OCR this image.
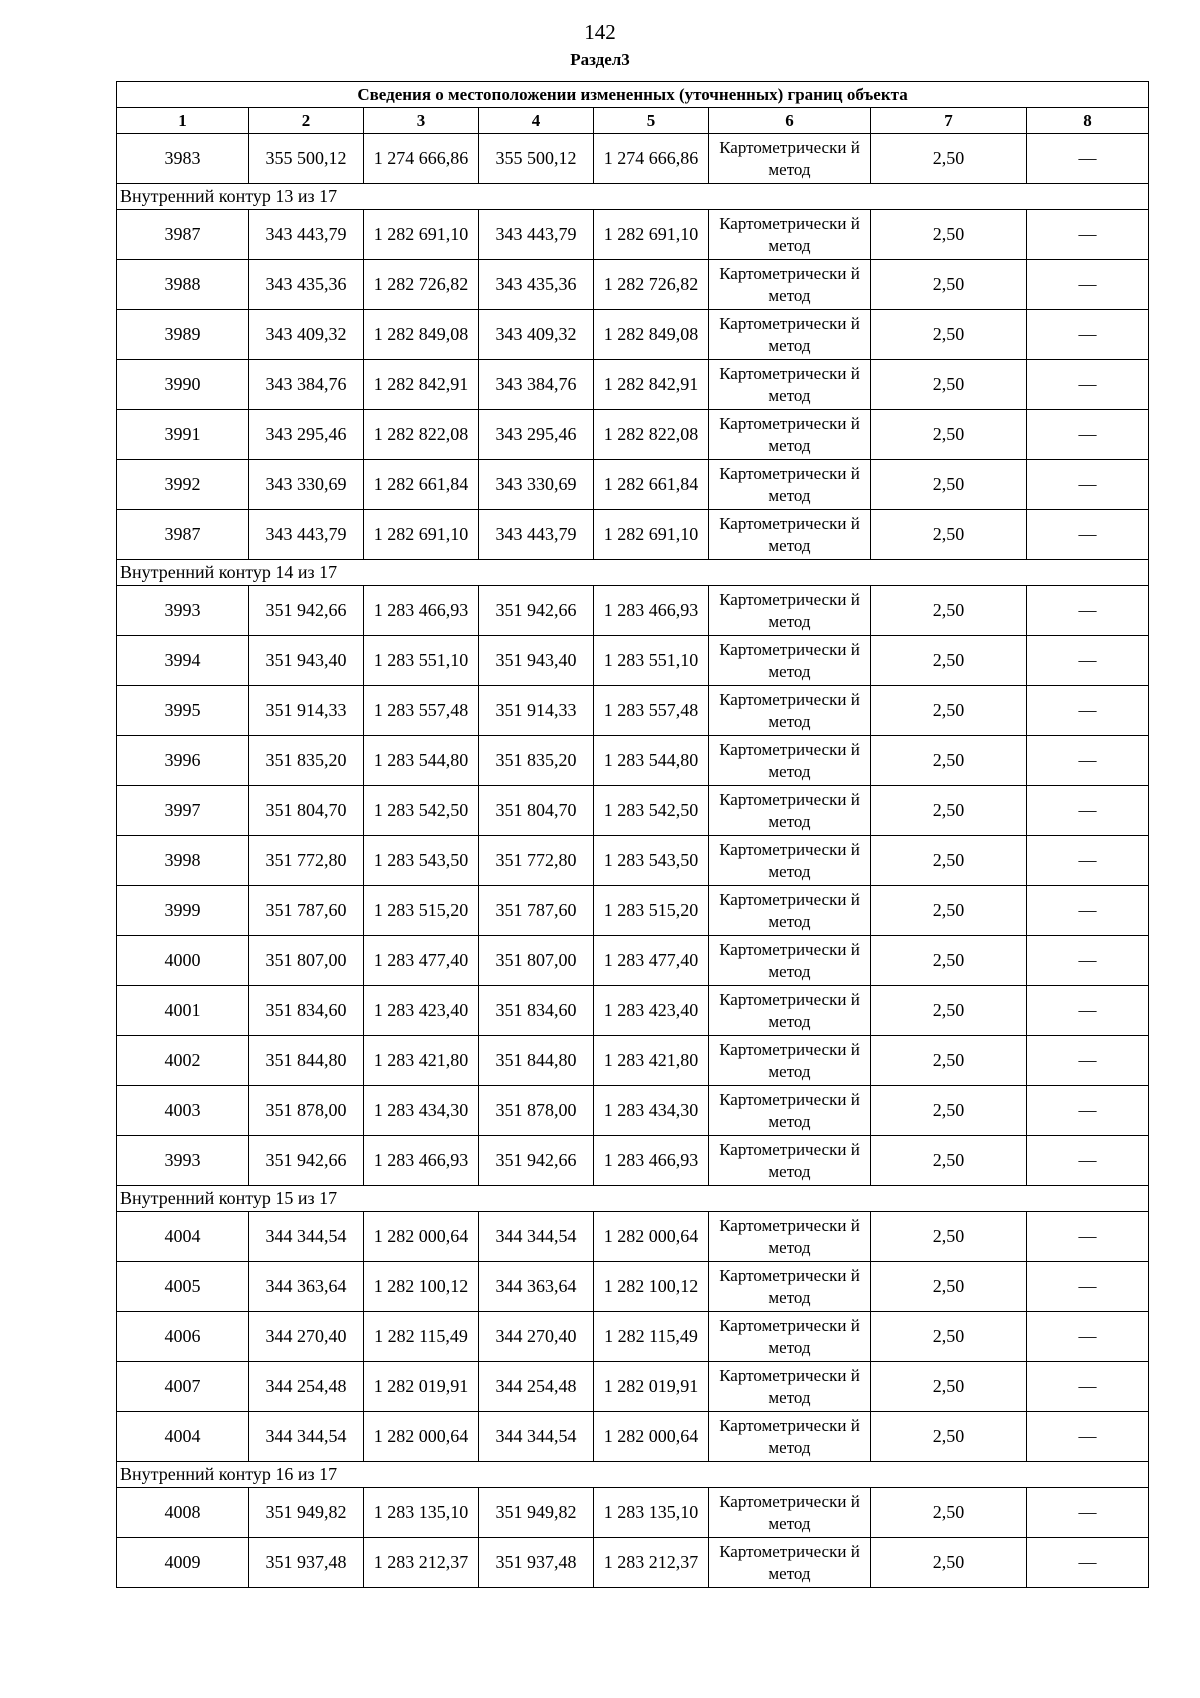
142
Раздел3
Сведения о местоположении измененных (уточненных) границ объекта							
1	2	3	4	5	6	7	8
3983	355 500,12	1 274 666,86	355 500,12	1 274 666,86	Картометрически й метод	2,50	—
Внутренний контур 13 из 17							
3987	343 443,79	1 282 691,10	343 443,79	1 282 691,10	Картометрически й метод	2,50	—
3988	343 435,36	1 282 726,82	343 435,36	1 282 726,82	Картометрически й метод	2,50	—
3989	343 409,32	1 282 849,08	343 409,32	1 282 849,08	Картометрически й метод	2,50	—
3990	343 384,76	1 282 842,91	343 384,76	1 282 842,91	Картометрически й метод	2,50	—
3991	343 295,46	1 282 822,08	343 295,46	1 282 822,08	Картометрически й метод	2,50	—
3992	343 330,69	1 282 661,84	343 330,69	1 282 661,84	Картометрически й метод	2,50	—
3987	343 443,79	1 282 691,10	343 443,79	1 282 691,10	Картометрически й метод	2,50	—
Внутренний контур 14 из 17							
3993	351 942,66	1 283 466,93	351 942,66	1 283 466,93	Картометрически й метод	2,50	—
3994	351 943,40	1 283 551,10	351 943,40	1 283 551,10	Картометрически й метод	2,50	—
3995	351 914,33	1 283 557,48	351 914,33	1 283 557,48	Картометрически й метод	2,50	—
3996	351 835,20	1 283 544,80	351 835,20	1 283 544,80	Картометрически й метод	2,50	—
3997	351 804,70	1 283 542,50	351 804,70	1 283 542,50	Картометрически й метод	2,50	—
3998	351 772,80	1 283 543,50	351 772,80	1 283 543,50	Картометрически й метод	2,50	—
3999	351 787,60	1 283 515,20	351 787,60	1 283 515,20	Картометрически й метод	2,50	—
4000	351 807,00	1 283 477,40	351 807,00	1 283 477,40	Картометрически й метод	2,50	—
4001	351 834,60	1 283 423,40	351 834,60	1 283 423,40	Картометрически й метод	2,50	—
4002	351 844,80	1 283 421,80	351 844,80	1 283 421,80	Картометрически й метод	2,50	—
4003	351 878,00	1 283 434,30	351 878,00	1 283 434,30	Картометрически й метод	2,50	—
3993	351 942,66	1 283 466,93	351 942,66	1 283 466,93	Картометрически й метод	2,50	—
Внутренний контур 15 из 17							
4004	344 344,54	1 282 000,64	344 344,54	1 282 000,64	Картометрически й метод	2,50	—
4005	344 363,64	1 282 100,12	344 363,64	1 282 100,12	Картометрически й метод	2,50	—
4006	344 270,40	1 282 115,49	344 270,40	1 282 115,49	Картометрически й метод	2,50	—
4007	344 254,48	1 282 019,91	344 254,48	1 282 019,91	Картометрически й метод	2,50	—
4004	344 344,54	1 282 000,64	344 344,54	1 282 000,64	Картометрически й метод	2,50	—
Внутренний контур 16 из 17							
4008	351 949,82	1 283 135,10	351 949,82	1 283 135,10	Картометрически й метод	2,50	—
4009	351 937,48	1 283 212,37	351 937,48	1 283 212,37	Картометрически й метод	2,50	—
